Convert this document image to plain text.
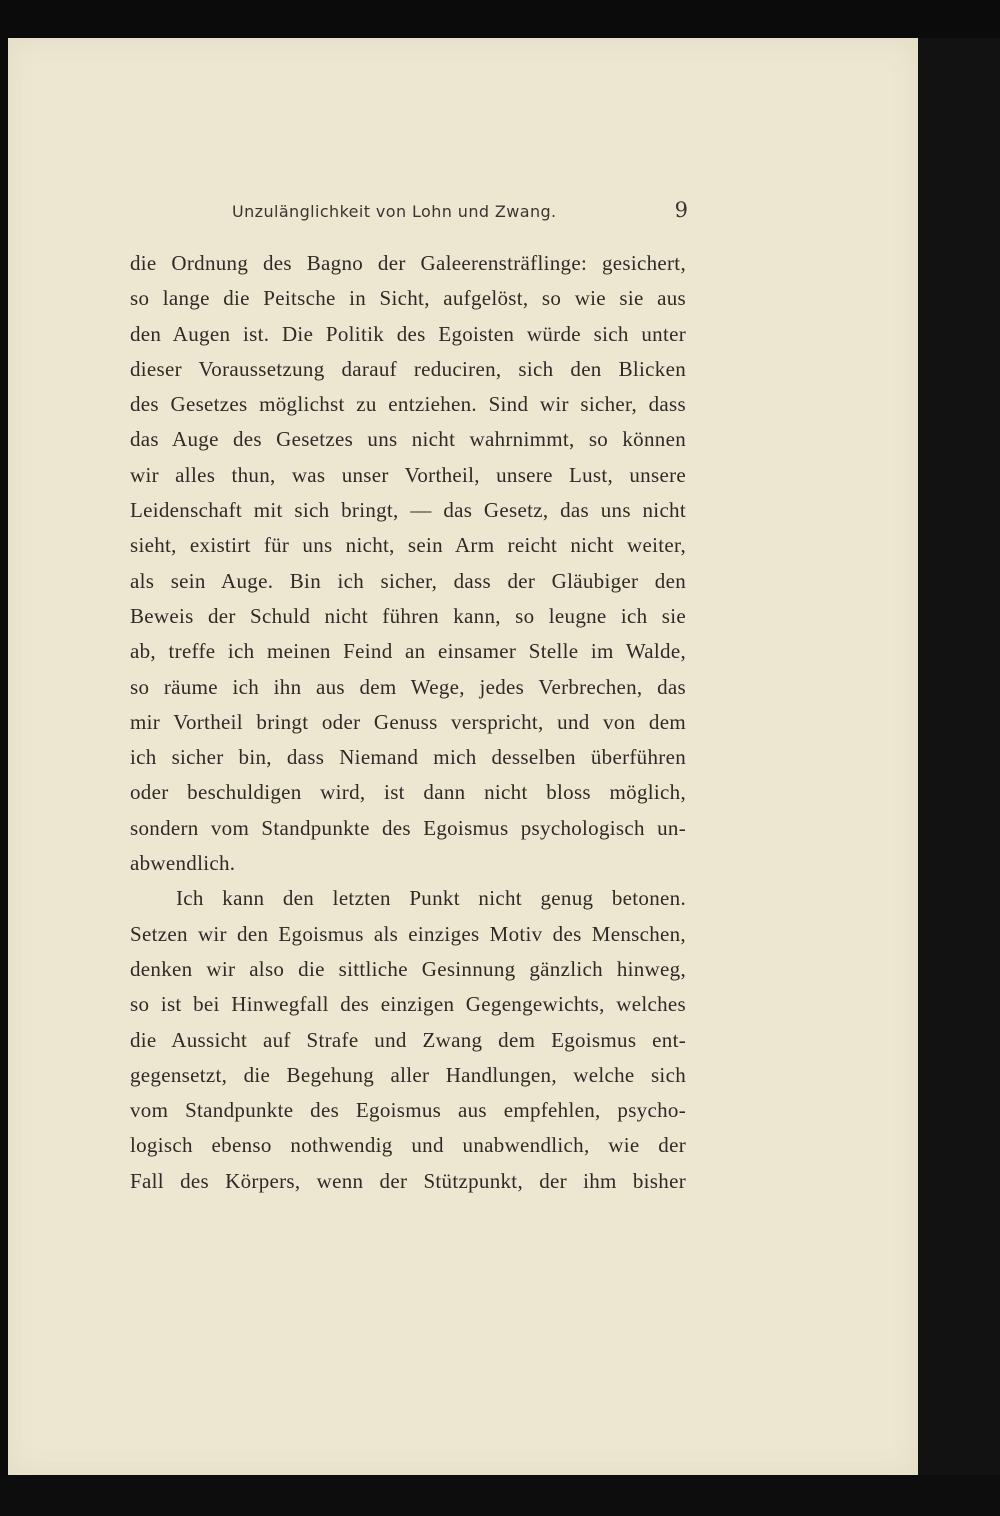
Unzulänglichkeit von Lohn und Zwang.	9
die Ordnung des Bagno der Galeerensträflinge: gesichert,
so lange die Peitsche in Sicht, aufgelöst, so wie sie aus
den Augen ist. Die Politik des Egoisten würde sich unter
dieser Voraussetzung darauf reduciren, sich den Blicken
des Gesetzes möglichst zu entziehen. Sind wir sicher, dass
das Auge des Gesetzes uns nicht wahrnimmt, so können
wir alles thun, was unser Vortheil, unsere Lust, unsere
Leidenschaft mit sich bringt, — das Gesetz, das uns nicht
sieht, existirt für uns nicht, sein Arm reicht nicht weiter,
als sein Auge. Bin ich sicher, dass der Gläubiger den
Beweis der Schuld nicht führen kann, so leugne ich sie
ab, treffe ich meinen Feind an einsamer Stelle im Walde,
so räume ich ihn aus dem Wege, jedes Verbrechen, das
mir Vortheil bringt oder Genuss verspricht, und von dem
ich sicher bin, dass Niemand mich desselben überführen
oder beschuldigen wird, ist dann nicht bloss möglich,
sondern vom Standpunkte des Egoismus psychologisch un-
abwendlich.
Ich kann den letzten Punkt nicht genug betonen.
Setzen wir den Egoismus als einziges Motiv des Menschen,
denken wir also die sittliche Gesinnung gänzlich hinweg,
so ist bei Hinwegfall des einzigen Gegengewichts, welches
die Aussicht auf Strafe und Zwang dem Egoismus ent-
gegensetzt, die Begehung aller Handlungen, welche sich
vom Standpunkte des Egoismus aus empfehlen, psycho-
logisch ebenso nothwendig und unabwendlich, wie der
Fall des Körpers, wenn der Stützpunkt, der ihm bisher
